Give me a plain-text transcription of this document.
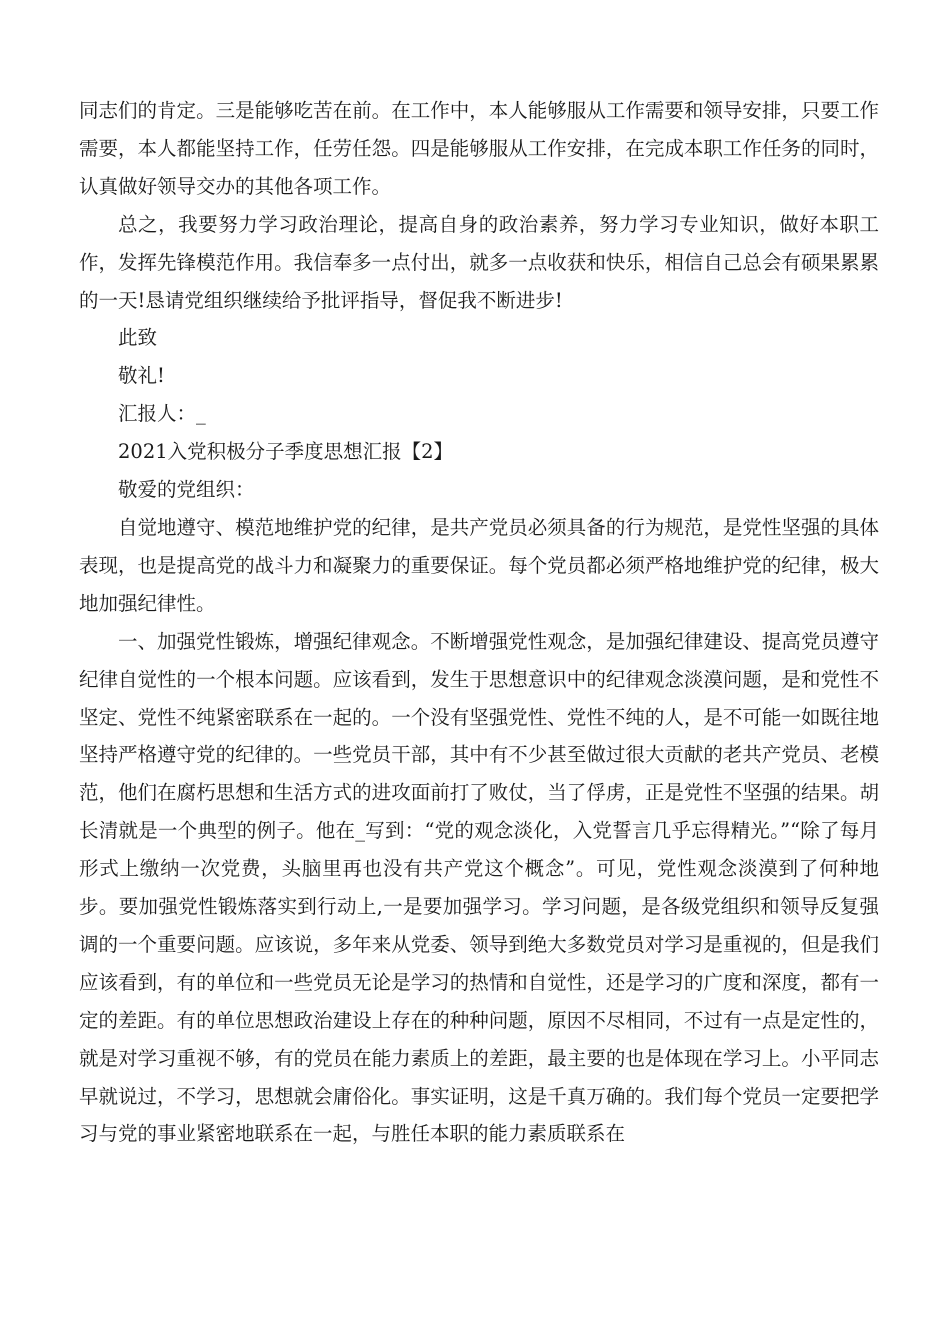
同志们的肯定。三是能够吃苦在前。在工作中，本人能够服从工作需要和领导安排，只要工作需要，本人都能坚持工作，任劳任怨。四是能够服从工作安排，在完成本职工作任务的同时，认真做好领导交办的其他各项工作。

总之，我要努力学习政治理论，提高自身的政治素养，努力学习专业知识，做好本职工作，发挥先锋模范作用。我信奉多一点付出，就多一点收获和快乐，相信自己总会有硕果累累的一天!恳请党组织继续给予批评指导，督促我不断进步!

此致

敬礼!

汇报人：_

2021入党积极分子季度思想汇报【2】

敬爱的党组织：

自觉地遵守、模范地维护党的纪律，是共产党员必须具备的行为规范，是党性坚强的具体表现，也是提高党的战斗力和凝聚力的重要保证。每个党员都必须严格地维护党的纪律，极大地加强纪律性。

一、加强党性锻炼，增强纪律观念。不断增强党性观念，是加强纪律建设、提高党员遵守纪律自觉性的一个根本问题。应该看到，发生于思想意识中的纪律观念淡漠问题，是和党性不坚定、党性不纯紧密联系在一起的。一个没有坚强党性、党性不纯的人，是不可能一如既往地坚持严格遵守党的纪律的。一些党员干部，其中有不少甚至做过很大贡献的老共产党员、老模范，他们在腐朽思想和生活方式的进攻面前打了败仗，当了俘虏，正是党性不坚强的结果。胡长清就是一个典型的例子。他在_写到：“党的观念淡化，入党誓言几乎忘得精光。”“除了每月形式上缴纳一次党费，头脑里再也没有共产党这个概念”。可见，党性观念淡漠到了何种地步。要加强党性锻炼落实到行动上,一是要加强学习。学习问题，是各级党组织和领导反复强调的一个重要问题。应该说，多年来从党委、领导到绝大多数党员对学习是重视的，但是我们应该看到，有的单位和一些党员无论是学习的热情和自觉性，还是学习的广度和深度，都有一定的差距。有的单位思想政治建设上存在的种种问题，原因不尽相同，不过有一点是定性的，就是对学习重视不够，有的党员在能力素质上的差距，最主要的也是体现在学习上。小平同志早就说过，不学习，思想就会庸俗化。事实证明，这是千真万确的。我们每个党员一定要把学习与党的事业紧密地联系在一起，与胜任本职的能力素质联系在
